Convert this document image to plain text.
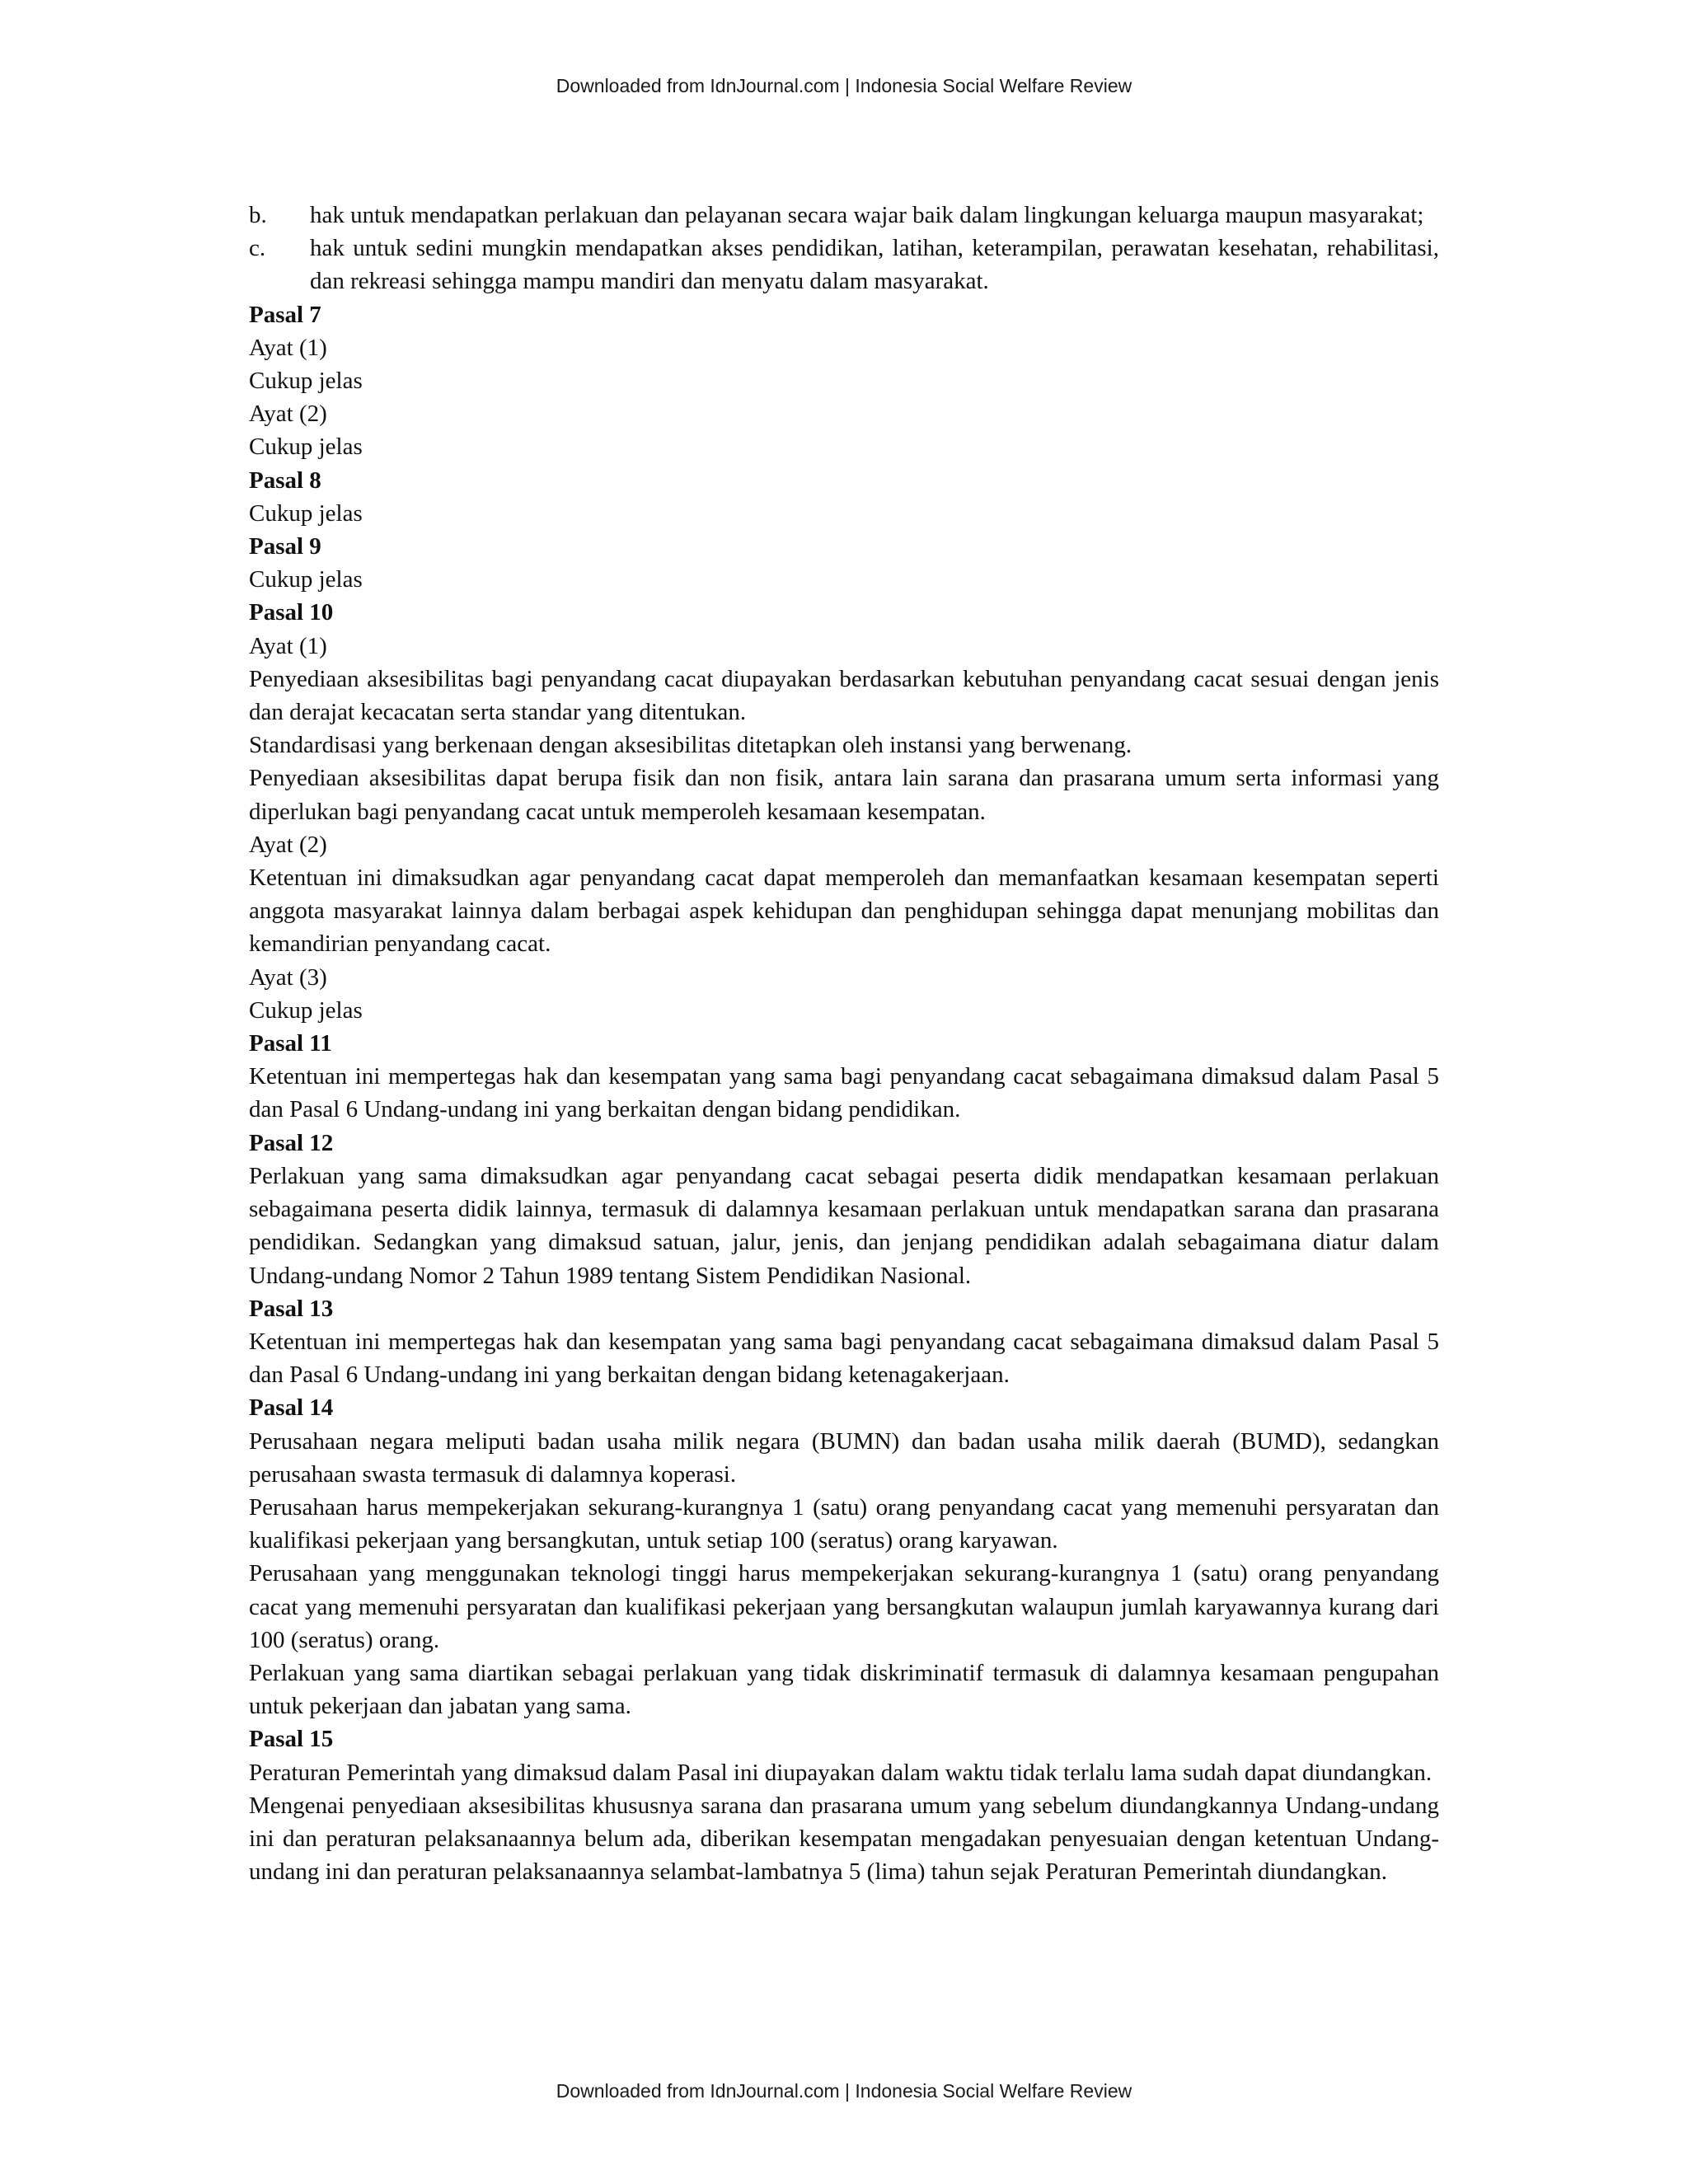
Downloaded from IdnJournal.com | Indonesia Social Welfare Review
b.	hak untuk mendapatkan perlakuan dan pelayanan secara wajar baik dalam lingkungan keluarga maupun masyarakat;
c.	hak untuk sedini mungkin mendapatkan akses pendidikan, latihan, keterampilan, perawatan kesehatan, rehabilitasi, dan rekreasi sehingga mampu mandiri dan menyatu dalam masyarakat.
Pasal 7
Ayat (1)
Cukup jelas
Ayat (2)
Cukup jelas
Pasal 8
Cukup jelas
Pasal 9
Cukup jelas
Pasal 10
Ayat (1)
Penyediaan aksesibilitas bagi penyandang cacat diupayakan berdasarkan kebutuhan penyandang cacat sesuai dengan jenis dan derajat kecacatan serta standar yang ditentukan.
Standardisasi yang berkenaan dengan aksesibilitas ditetapkan oleh instansi yang berwenang.
Penyediaan aksesibilitas dapat berupa fisik dan non fisik, antara lain sarana dan prasarana umum serta informasi yang diperlukan bagi penyandang cacat untuk memperoleh kesamaan kesempatan.
Ayat (2)
Ketentuan ini dimaksudkan agar penyandang cacat dapat memperoleh dan memanfaatkan kesamaan kesempatan seperti anggota masyarakat lainnya dalam berbagai aspek kehidupan dan penghidupan sehingga dapat menunjang mobilitas dan kemandirian penyandang cacat.
Ayat (3)
Cukup jelas
Pasal 11
Ketentuan ini mempertegas hak dan kesempatan yang sama bagi penyandang cacat sebagaimana dimaksud dalam Pasal 5 dan Pasal 6 Undang-undang ini yang berkaitan dengan bidang pendidikan.
Pasal 12
Perlakuan yang sama dimaksudkan agar penyandang cacat sebagai peserta didik mendapatkan kesamaan perlakuan sebagaimana peserta didik lainnya, termasuk di dalamnya kesamaan perlakuan untuk mendapatkan sarana dan prasarana pendidikan. Sedangkan yang dimaksud satuan, jalur, jenis, dan jenjang pendidikan adalah sebagaimana diatur dalam Undang-undang Nomor 2 Tahun 1989 tentang Sistem Pendidikan Nasional.
Pasal 13
Ketentuan ini mempertegas hak dan kesempatan yang sama bagi penyandang cacat sebagaimana dimaksud dalam Pasal 5 dan Pasal 6 Undang-undang ini yang berkaitan dengan bidang ketenagakerjaan.
Pasal 14
Perusahaan negara meliputi badan usaha milik negara (BUMN) dan badan usaha milik daerah (BUMD), sedangkan perusahaan swasta termasuk di dalamnya koperasi.
Perusahaan harus mempekerjakan sekurang-kurangnya 1 (satu) orang penyandang cacat yang memenuhi persyaratan dan kualifikasi pekerjaan yang bersangkutan, untuk setiap 100 (seratus) orang karyawan.
Perusahaan yang menggunakan teknologi tinggi harus mempekerjakan sekurang-kurangnya 1 (satu) orang penyandang cacat yang memenuhi persyaratan dan kualifikasi pekerjaan yang bersangkutan walaupun jumlah karyawannya kurang dari 100 (seratus) orang.
Perlakuan yang sama diartikan sebagai perlakuan yang tidak diskriminatif termasuk di dalamnya kesamaan pengupahan untuk pekerjaan dan jabatan yang sama.
Pasal 15
Peraturan Pemerintah yang dimaksud dalam Pasal ini diupayakan dalam waktu tidak terlalu lama sudah dapat diundangkan.
Mengenai penyediaan aksesibilitas khususnya sarana dan prasarana umum yang sebelum diundangkannya Undang-undang ini dan peraturan pelaksanaannya belum ada, diberikan kesempatan mengadakan penyesuaian dengan ketentuan Undang-undang ini dan peraturan pelaksanaannya selambat-lambatnya 5 (lima) tahun sejak Peraturan Pemerintah diundangkan.
Downloaded from IdnJournal.com | Indonesia Social Welfare Review
